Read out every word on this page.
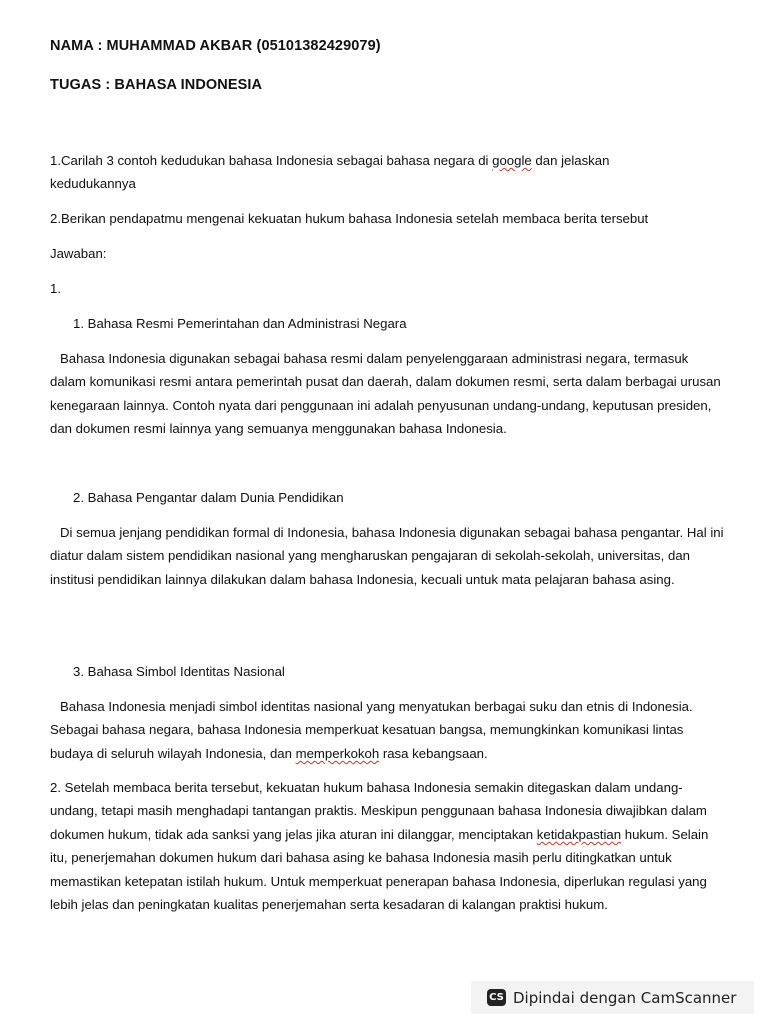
NAMA : MUHAMMAD AKBAR (05101382429079)
TUGAS : BAHASA INDONESIA
1.Carilah 3 contoh kedudukan bahasa Indonesia sebagai bahasa negara di google dan jelaskan
kedudukannya
2.Berikan pendapatmu mengenai kekuatan hukum bahasa Indonesia setelah membaca berita tersebut
Jawaban:
1.
1. Bahasa Resmi Pemerintahan dan Administrasi Negara
Bahasa Indonesia digunakan sebagai bahasa resmi dalam penyelenggaraan administrasi negara, termasuk dalam komunikasi resmi antara pemerintah pusat dan daerah, dalam dokumen resmi, serta dalam berbagai urusan kenegaraan lainnya. Contoh nyata dari penggunaan ini adalah penyusunan undang-undang, keputusan presiden, dan dokumen resmi lainnya yang semuanya menggunakan bahasa Indonesia.
2. Bahasa Pengantar dalam Dunia Pendidikan
Di semua jenjang pendidikan formal di Indonesia, bahasa Indonesia digunakan sebagai bahasa pengantar. Hal ini diatur dalam sistem pendidikan nasional yang mengharuskan pengajaran di sekolah-sekolah, universitas, dan institusi pendidikan lainnya dilakukan dalam bahasa Indonesia, kecuali untuk mata pelajaran bahasa asing.
3. Bahasa Simbol Identitas Nasional
Bahasa Indonesia menjadi simbol identitas nasional yang menyatukan berbagai suku dan etnis di Indonesia. Sebagai bahasa negara, bahasa Indonesia memperkuat kesatuan bangsa, memungkinkan komunikasi lintas budaya di seluruh wilayah Indonesia, dan memperkokoh rasa kebangsaan.
2. Setelah membaca berita tersebut, kekuatan hukum bahasa Indonesia semakin ditegaskan dalam undang-undang, tetapi masih menghadapi tantangan praktis. Meskipun penggunaan bahasa Indonesia diwajibkan dalam dokumen hukum, tidak ada sanksi yang jelas jika aturan ini dilanggar, menciptakan ketidakpastian hukum. Selain itu, penerjemahan dokumen hukum dari bahasa asing ke bahasa Indonesia masih perlu ditingkatkan untuk memastikan ketepatan istilah hukum. Untuk memperkuat penerapan bahasa Indonesia, diperlukan regulasi yang lebih jelas dan peningkatan kualitas penerjemahan serta kesadaran di kalangan praktisi hukum.
CS Dipindai dengan CamScanner
